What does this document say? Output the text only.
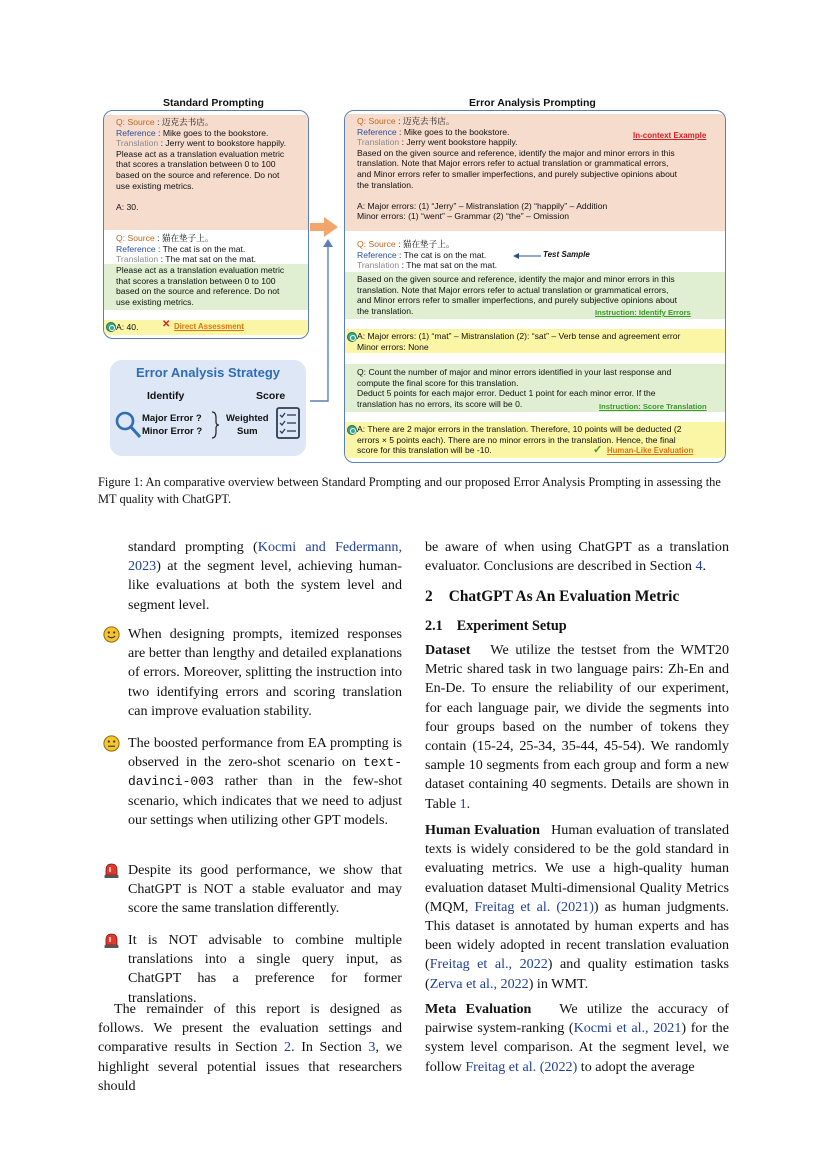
Standard Prompting	Error Analysis Prompting
Q: Source : 迈克去书店。
Reference : Mike goes to the bookstore.
Translation : Jerry went to bookstore happily.
Please act as a translation evaluation metric
that scores a translation between 0 to 100
based on the source and reference. Do not
use existing metrics.

A: 30.
Q: Source : 猫在垫子上。
Reference : The cat is on the mat.
Translation : The mat sat on the mat.
Please act as a translation evaluation metric
that scores a translation between 0 to 100
based on the source and reference. Do not
use existing metrics.
A: 40.	✕ Direct Assessment
Q: Source : 迈克去书店。
Reference : Mike goes to the bookstore.
Translation : Jerry went bookstore happily.
Based on the given source and reference, identify the major and minor errors in this
translation. Note that Major errors refer to actual translation or grammatical errors,
and Minor errors refer to smaller imperfections, and purely subjective opinions about
the translation.

A: Major errors: (1) “Jerry” – Mistranslation (2) “happily” – Addition
Minor errors: (1) “went” – Grammar (2) “the” – Omission
In-context Example
Q: Source : 猫在垫子上。
Reference : The cat is on the mat.
Translation : The mat sat on the mat.
Test Sample
Based on the given source and reference, identify the major and minor errors in this
translation. Note that Major errors refer to actual translation or grammatical errors,
and Minor errors refer to smaller imperfections, and purely subjective opinions about
the translation.	Instruction: Identify Errors
A: Major errors: (1) “mat” – Mistranslation (2): “sat” – Verb tense and agreement error
Minor errors: None
Q: Count the number of major and minor errors identified in your last response and
compute the final score for this translation.
Deduct 5 points for each major error. Deduct 1 point for each minor error. If the
translation has no errors, its score will be 0.	Instruction: Score Translation
A: There are 2 major errors in the translation. Therefore, 10 points will be deducted (2
errors × 5 points each). There are no minor errors in the translation. Hence, the final
score for this translation will be -10.	✓ Human-Like Evaluation
Error Analysis Strategy
Identify	Score
Major Error ?
Minor Error ?
Weighted
Sum
Figure 1: An comparative overview between Standard Prompting and our proposed Error Analysis Prompting in assessing the MT quality with ChatGPT.

standard prompting (Kocmi and Federmann, 2023) at the segment level, achieving human-like evaluations at both the system level and segment level.

When designing prompts, itemized responses are better than lengthy and detailed explanations of errors. Moreover, splitting the instruction into two identifying errors and scoring translation can improve evaluation stability.
The boosted performance from EA prompting is observed in the zero-shot scenario on text-davinci-003 rather than in the few-shot scenario, which indicates that we need to adjust our settings when utilizing other GPT models.
Despite its good performance, we show that ChatGPT is NOT a stable evaluator and may score the same translation differently.
It is NOT advisable to combine multiple translations into a single query input, as ChatGPT has a preference for former translations.

The remainder of this report is designed as follows. We present the evaluation settings and comparative results in Section 2. In Section 3, we highlight several potential issues that researchers should

be aware of when using ChatGPT as a translation evaluator. Conclusions are described in Section 4.

2 ChatGPT As An Evaluation Metric
2.1 Experiment Setup

Dataset We utilize the testset from the WMT20 Metric shared task in two language pairs: Zh-En and En-De. To ensure the reliability of our experiment, for each language pair, we divide the segments into four groups based on the number of tokens they contain (15-24, 25-34, 35-44, 45-54). We randomly sample 10 segments from each group and form a new dataset containing 40 segments. Details are shown in Table 1.

Human Evaluation Human evaluation of translated texts is widely considered to be the gold standard in evaluating metrics. We use a high-quality human evaluation dataset Multi-dimensional Quality Metrics (MQM, Freitag et al. (2021)) as human judgments. This dataset is annotated by human experts and has been widely adopted in recent translation evaluation (Freitag et al., 2022) and quality estimation tasks (Zerva et al., 2022) in WMT.

Meta Evaluation We utilize the accuracy of pairwise system-ranking (Kocmi et al., 2021) for the system level comparison. At the segment level, we follow Freitag et al. (2022) to adopt the average
